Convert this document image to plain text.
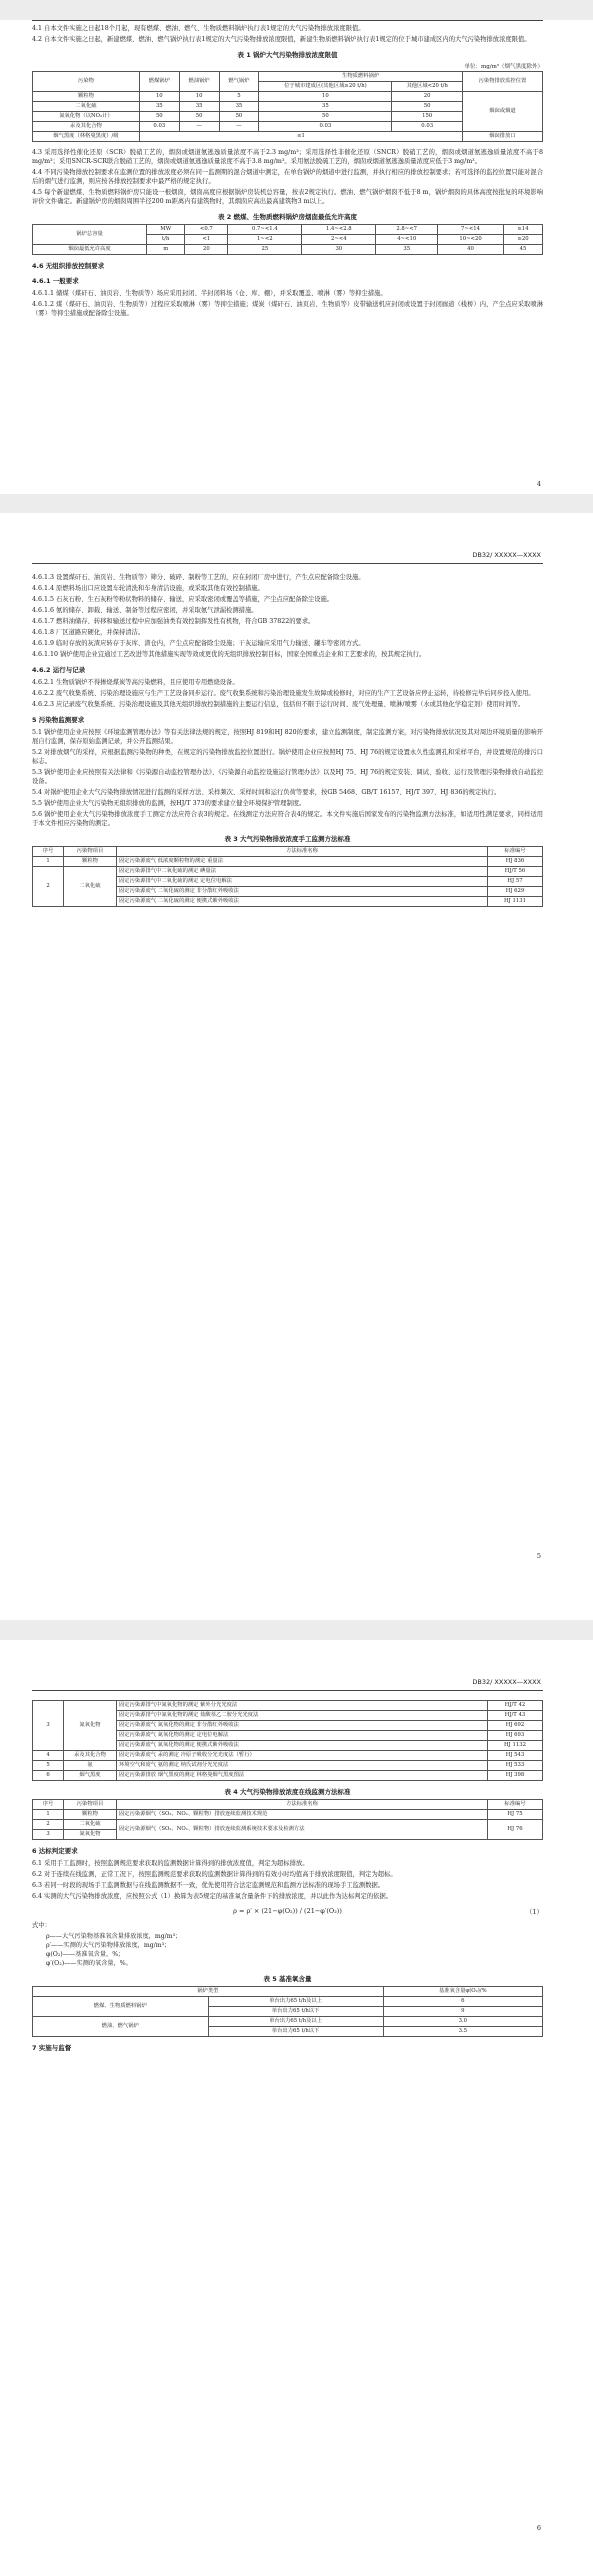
4.1 自本文件实施之日起18个月起，现有燃煤、燃油、燃气、生物质燃料锅炉执行表1规定的大气污染物排放浓度限值。

4.2 自本文件实施之日起，新建燃煤、燃油、燃气锅炉执行表1规定的大气污染物排放浓度限值，新建生物质燃料锅炉执行表1规定的位于城市建成区内的大气污染物排放浓度限值。

表 1 锅炉大气污染物排放浓度限值
单位：mg/m³（烟气黑度除外）
污染物	燃煤锅炉	燃油锅炉	燃气锅炉	生物质燃料锅炉		污染物排放监控位置
				位于城市建成区(其他区域≥20 t/h)	其他区域<20 t/h	
颗粒物	10	10	5	10	20	烟囱或烟道
二氧化硫	35	35	35	35	50	
氮氧化物（以NO₂计）	50	50	50	50	150	
汞及其化合物	0.03	—	—	0.03	0.03	
烟气黑度（林格曼黑度）/级	≤1					烟囱排放口

4.3 采用选择性催化还原（SCR）脱硝工艺的，烟囱或烟道氨逃逸质量浓度不高于2.3 mg/m³；采用选择性非催化还原（SNCR）脱硝工艺的，烟囱或烟道氨逃逸质量浓度不高于8 mg/m³；采用SNCR-SCR联合脱硝工艺的，烟囱或烟道氨逃逸质量浓度不高于3.8 mg/m³。采用氨法脱硫工艺的，烟囱或烟道氨逃逸质量浓度应低于3 mg/m³。

4.4 不同污染物排放控制要求在监测位置的排放浓度必须在同一监测期的混合烟道中测定，在单台锅炉的烟道中进行监测，并执行相应的排放控制要求；若可选择的监控位置只能对混合后的烟气进行监测，则应按各排放控制要求中最严格的规定执行。

4.5 每个新建燃煤、生物质燃料锅炉房只能设一根烟囱，烟囱高度应根据锅炉房装机总容量，按表2规定执行。燃油、燃气锅炉烟囱不低于8 m，锅炉烟囱的具体高度按批复的环境影响评价文件确定。新建锅炉房的烟囱周围半径200 m距离内有建筑物时，其烟囱应高出最高建筑物3 m以上。

表 2 燃煤、生物质燃料锅炉房烟囱最低允许高度
锅炉总容量	MW	<0.7	0.7~<1.4	1.4~<2.8	2.8~<7	7~<14	≥14
	t/h	<1	1~<2	2~<4	4~<10	10~<20	≥20
烟囱最低允许高度	m	20	25	30	35	40	45
4.6 无组织排放控制要求
4.6.1 一般要求

4.6.1.1 储煤（煤矸石、油页岩、生物质等）场应采用封闭、半封闭料场（仓、库、棚），并采取覆盖、喷淋（雾）等抑尘措施。

4.6.1.2 煤（煤矸石、油页岩、生物质等）过程应采取喷淋（雾）等抑尘措施；煤炭（煤矸石、油页岩、生物质等）皮带输送机应封闭或设置于封闭廊道（栈桥）内，产尘点应采取喷淋（雾）等抑尘措施或配备除尘设施。

4
DB32/ XXXXX—XXXX

4.6.1.3 设置煤矸石、油页岩、生物质等）筛分、破碎、制粉等工艺的，应在封闭厂房中进行，产生点应配备除尘设施。

4.6.1.4 原燃料场出口应设置车轮清洗和车身清洁设施，或采取其他有效控制措施。

4.6.1.5 石灰石粉、生石灰粉等粉状物料的储存、输送，应采取密闭或覆盖等措施，产尘点应配备除尘设施。

4.6.1.6 氨的储存、卸载、输送、制备等过程应密闭，并采取氨气泄漏检测措施。

4.6.1.7 燃料油储存、转移和输送过程中应加强油类有效控制挥发性有机物，符合GB 37822的要求。

4.6.1.8 厂区道路应硬化，并保持清洁。

4.6.1.9 临时存放的灰渣应转存于灰库、渣仓内，产尘点应配备除尘设施；干灰运输应采用气力输送、罐车等密闭方式。

4.6.1.10 锅炉使用企业宜通过工艺改进等其他措施实现等效或更优的无组织排放控制目标，国家全国重点企业和工艺要求的，按其规定执行。

4.6.2 运行与记录

4.6.2.1 生物质锅炉不得掺烧煤炭等高污染燃料，且应使用专用燃烧设备。

4.6.2.2 废气收集系统、污染治理设施应与生产工艺设备同步运行。废气收集系统和污染治理设施发生故障或检修时，对应的生产工艺设备应停止运转，待检修完毕后同步投入使用。

4.6.2.3 应记录废气收集系统、污染治理设施及其他无组织排放控制措施的主要运行信息，包括但不限于运行时间、废气处理量、喷淋/喷雾（水或其他化学稳定剂）使用时间等。

5 污染物监测要求

5.1 锅炉使用企业应按照《环境监测管理办法》等有关法律法规的规定，按照HJ 819和HJ 820的要求，建立监测制度，制定监测方案，对污染物排放状况及其对周边环境质量的影响开展自行监测，保存原始监测记录，并公开监测结果。

5.2 对排放烟气的采样，应根据监测污染物的种类，在规定的污染物排放监控位置进行。锅炉使用企业应按照HJ 75、HJ 76的规定设置永久性监测孔和采样平台，并设置规范的排污口标志。

5.3 锅炉使用企业应按照有关法律和《污染源自动监控管理办法》、《污染源自动监控设施运行管理办法》以及HJ 75、HJ 76的规定安装、调试、验收、运行及管理污染物排放自动监控设备。

5.4 对锅炉使用企业大气污染物排放情况进行监测的采样方法、采样频次、采样时间和运行负荷等要求，按GB 5468、GB/T 16157、HJ/T 397、HJ 836的规定执行。

5.5 锅炉使用企业大气污染物无组织排放的监测，按HJ/T 373的要求建立健全环境保护管理制度。

5.6 锅炉使用企业大气污染物排放浓度手工测定方法应符合表3的规定。在线测定方法应符合表4的规定。本文件实施后国家发布的污染物监测方法标准，如适用性满足要求，同样适用于本文件相应污染物的测定。

表 3 大气污染物排放浓度手工监测方法标准
序号	污染物项目	方法标准名称	标准编号
1	颗粒物	固定污染源废气 低浓度颗粒物的测定 重量法	HJ 836
2	二氧化硫	固定污染源排气中二氧化硫的测定 碘量法	HJ/T 56
		固定污染源排气中二氧化硫的测定 定电位电解法	HJ 57
		固定污染源废气 二氧化硫的测定 非分散红外吸收法	HJ 629
		固定污染源废气 二氧化硫的测定 便携式紫外吸收法	HJ 1131
5
DB32/ XXXXX—XXXX
3	氮氧化物	固定污染源排气中氮氧化物的测定 紫外分光光度法	HJ/T 42
		固定污染源排气中氮氧化物的测定 盐酸萘乙二胺分光光度法	HJ/T 43
		固定污染源废气 氮氧化物的测定 非分散红外吸收法	HJ 692
		固定污染源废气 氮氧化物的测定 定电位电解法	HJ 693
		固定污染源废气 氮氧化物的测定 便携式紫外吸收法	HJ 1132
4	汞及其化合物	固定污染源废气 汞的测定 冷原子吸收分光光度法（暂行）	HJ 543
5	氨	环境空气和废气 氨的测定 纳氏试剂分光光度法	HJ 533
6	烟气黑度	固定污染源排放 烟气黑度的测定 林格曼烟气黑度图法	HJ 398
表 4 大气污染物排放浓度在线监测方法标准
序号	污染物项目	方法标准名称	标准编号
1	颗粒物	固定污染源烟气（SO₂、NOₓ、颗粒物）排放连续监测技术规范	HJ 75
2	二氧化硫	固定污染源烟气（SO₂、NOₓ、颗粒物）排放连续监测系统技术要求及检测方法	HJ 76
3	氮氧化物		
6 达标判定要求

6.1 采用手工监测时，按照监测规范要求获取的监测数据计算得到的排放浓度值，判定为超标排放。

6.2 对于连续在线监测，正常工况下，按照监测规范要求获取的监测数据计算得到的有效小时均值高于排放浓度限值，判定为超标。

6.3 若同一时段的现场手工监测数据与在线监测数据不一致，优先使用符合法定监测规范和监测方法标准的现场手工监测数据。

6.4 实测的大气污染物排放浓度，应按照公式（1）换算为表5规定的基准氧含量条件下的排放浓度，并以此作为达标判定的依据。

ρ = ρ′ × (21−φ(O₂)) / (21−φ′(O₂))	（1）
式中：
ρ——大气污染物基准氧含量排放浓度，mg/m³；
ρ′——实测的大气污染物排放浓度，mg/m³；
φ(O₂)——基准氧含量，%；
φ′(O₂)——实测的氧含量，%。
表 5 基准氧含量
锅炉类型		基准氧含量φ(O₂)/%
燃煤、生物质燃料锅炉	单台出力65 t/h及以上	6
	单台出力65 t/h以下	9
燃油、燃气锅炉	单台出力65 t/h及以上	3.0
	单台出力65 t/h以下	3.5
7 实施与监督
6
